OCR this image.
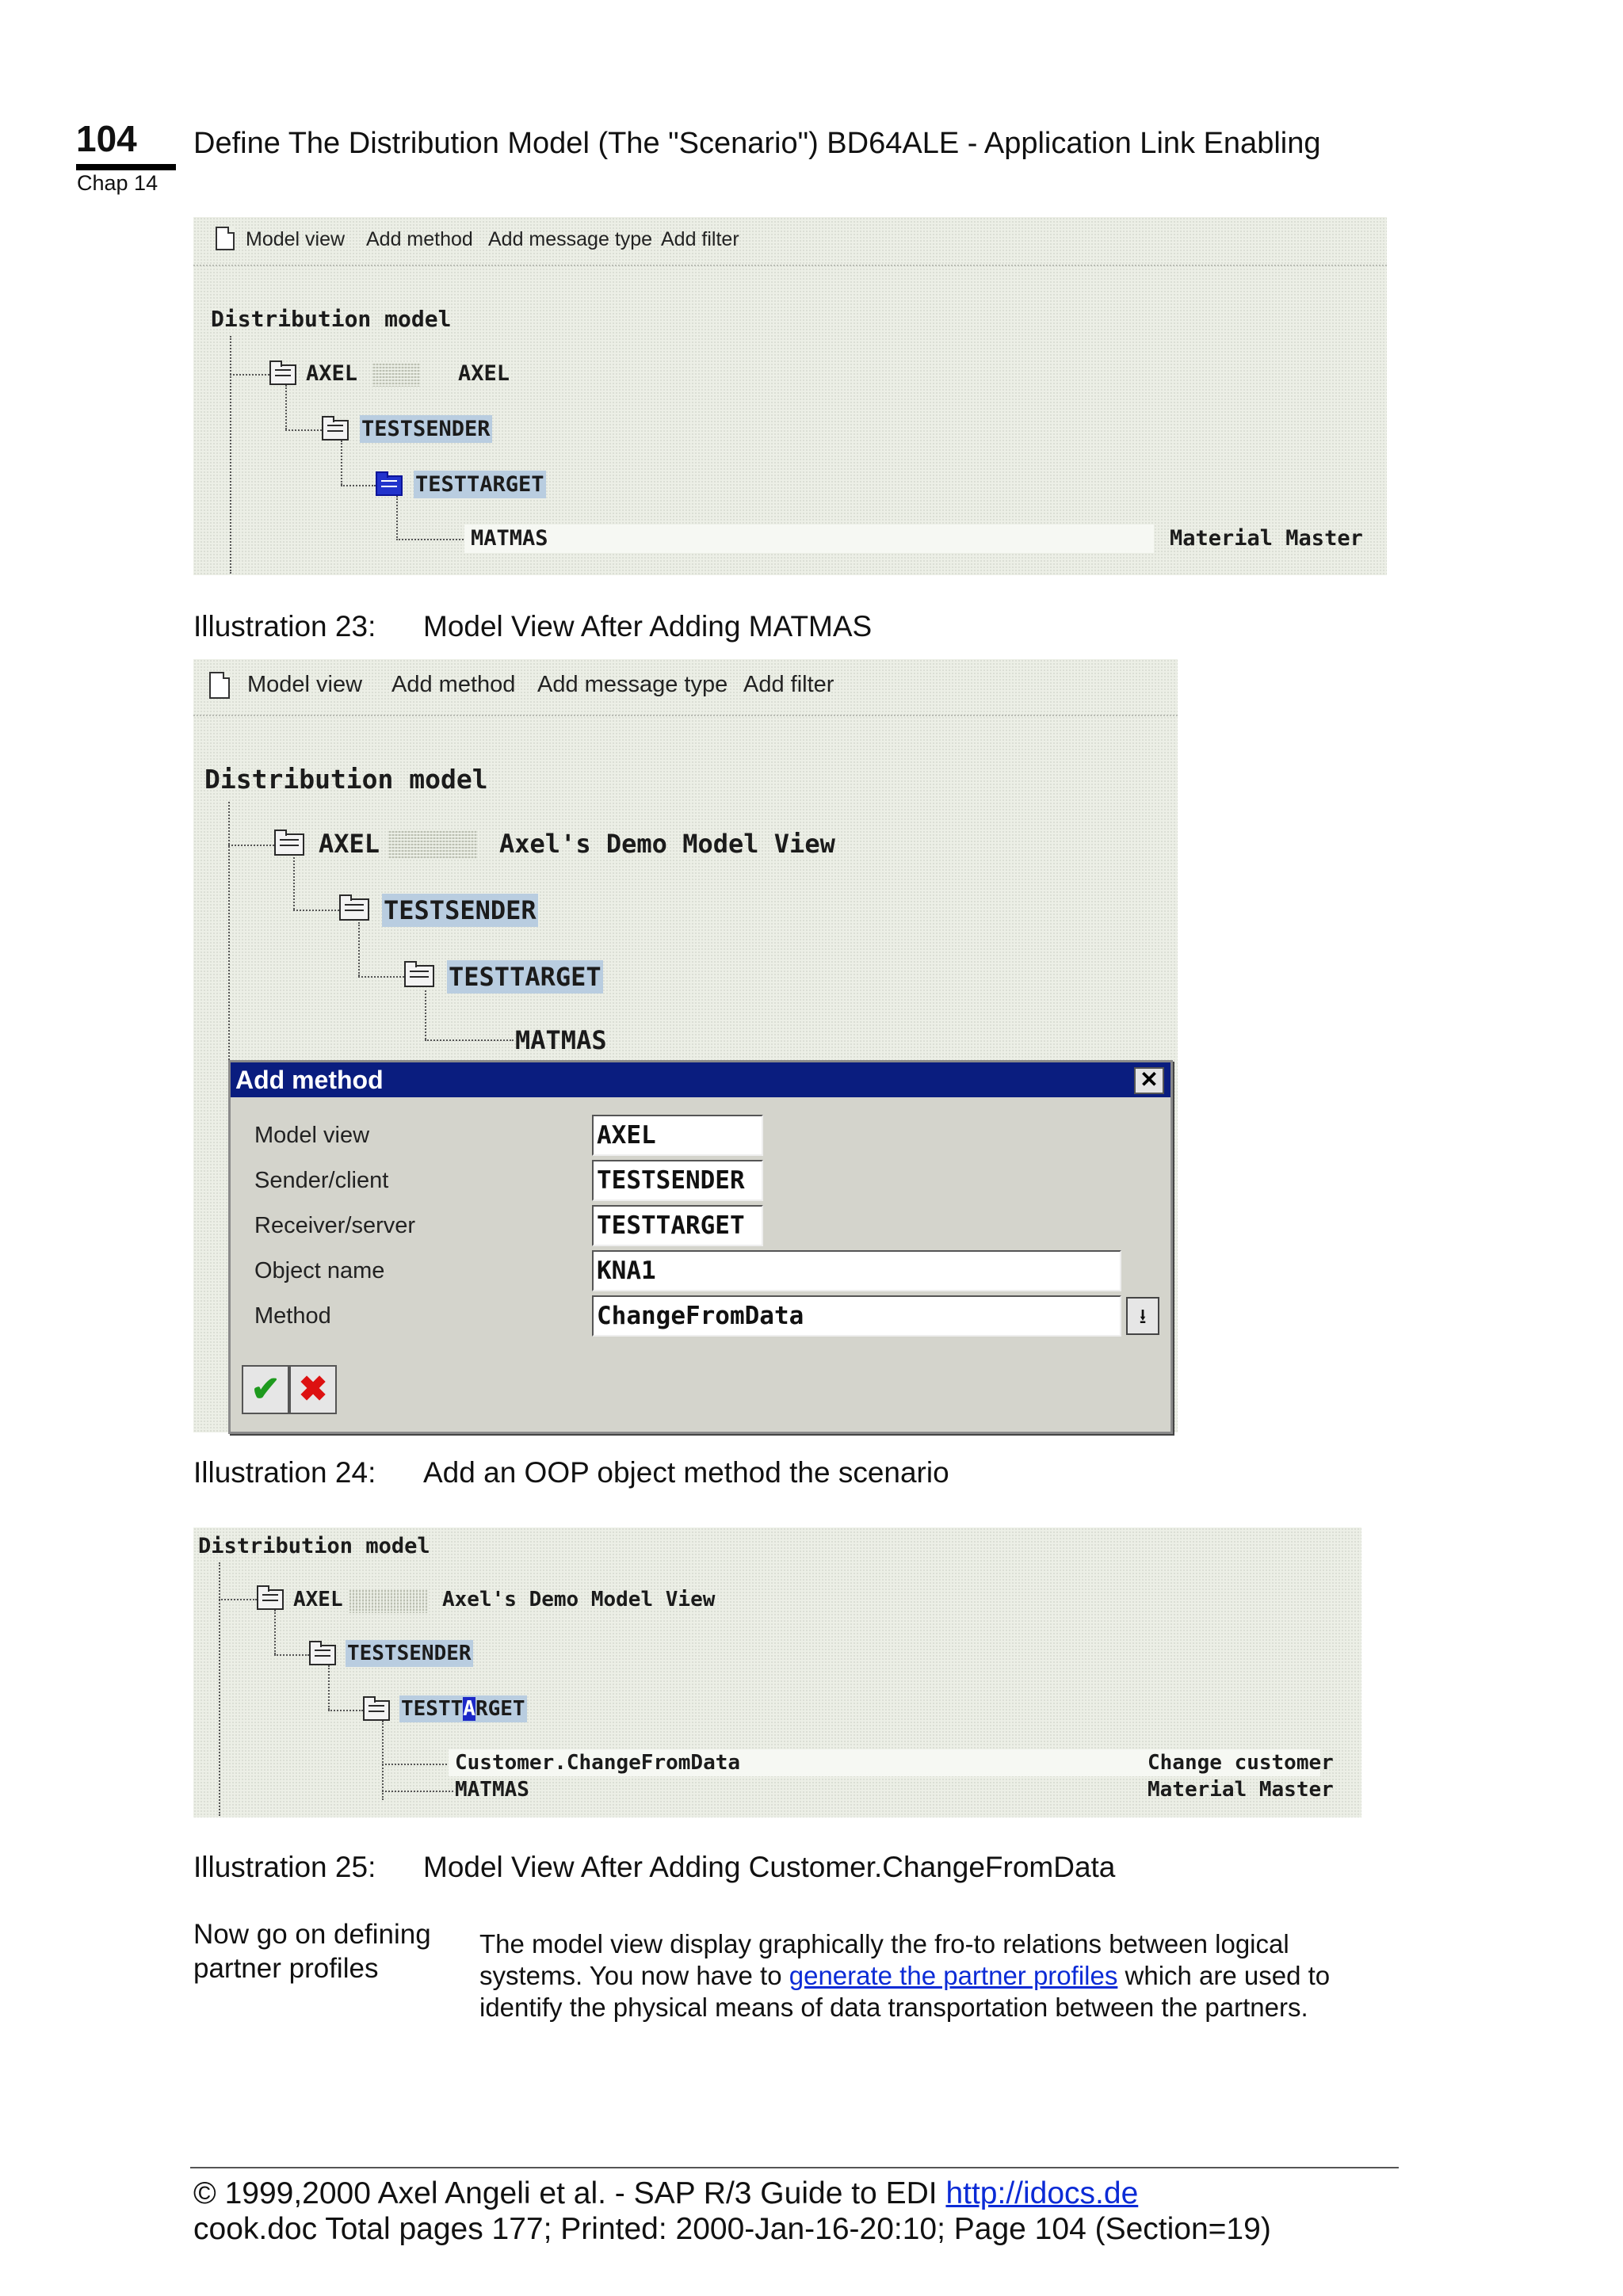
104
Chap 14
Define The Distribution Model (The "Scenario") BD64ALE - Application Link Enabling
Model view Add method Add message type Add filter
Distribution model
AXEL	AXEL
TESTSENDER
TESTTARGET
MATMAS	Material Master
Illustration 23: Model View After Adding MATMAS
Model view Add method Add message type Add filter
Distribution model
AXEL	Axel's Demo Model View
TESTSENDER
TESTTARGET
MATMAS
Add method	✕
Model view	AXEL
Sender/client	TESTSENDER
Receiver/server	TESTTARGET
Object name	KNA1
Method	ChangeFromData	⭳
✔ ✖
Illustration 24: Add an OOP object method the scenario
Distribution model
AXEL	Axel's Demo Model View
TESTSENDER
TESTTARGET
Customer.ChangeFromData	Change customer
MATMAS	Material Master
Illustration 25: Model View After Adding Customer.ChangeFromData
Now go on defining partner profiles
The model view display graphically the fro-to relations between logical systems. You now have to generate the partner profiles which are used to identify the physical means of data transportation between the partners.
© 1999,2000 Axel Angeli et al. - SAP R/3 Guide to EDI http://idocs.de
cook.doc Total pages 177; Printed: 2000-Jan-16-20:10; Page 104 (Section=19)
